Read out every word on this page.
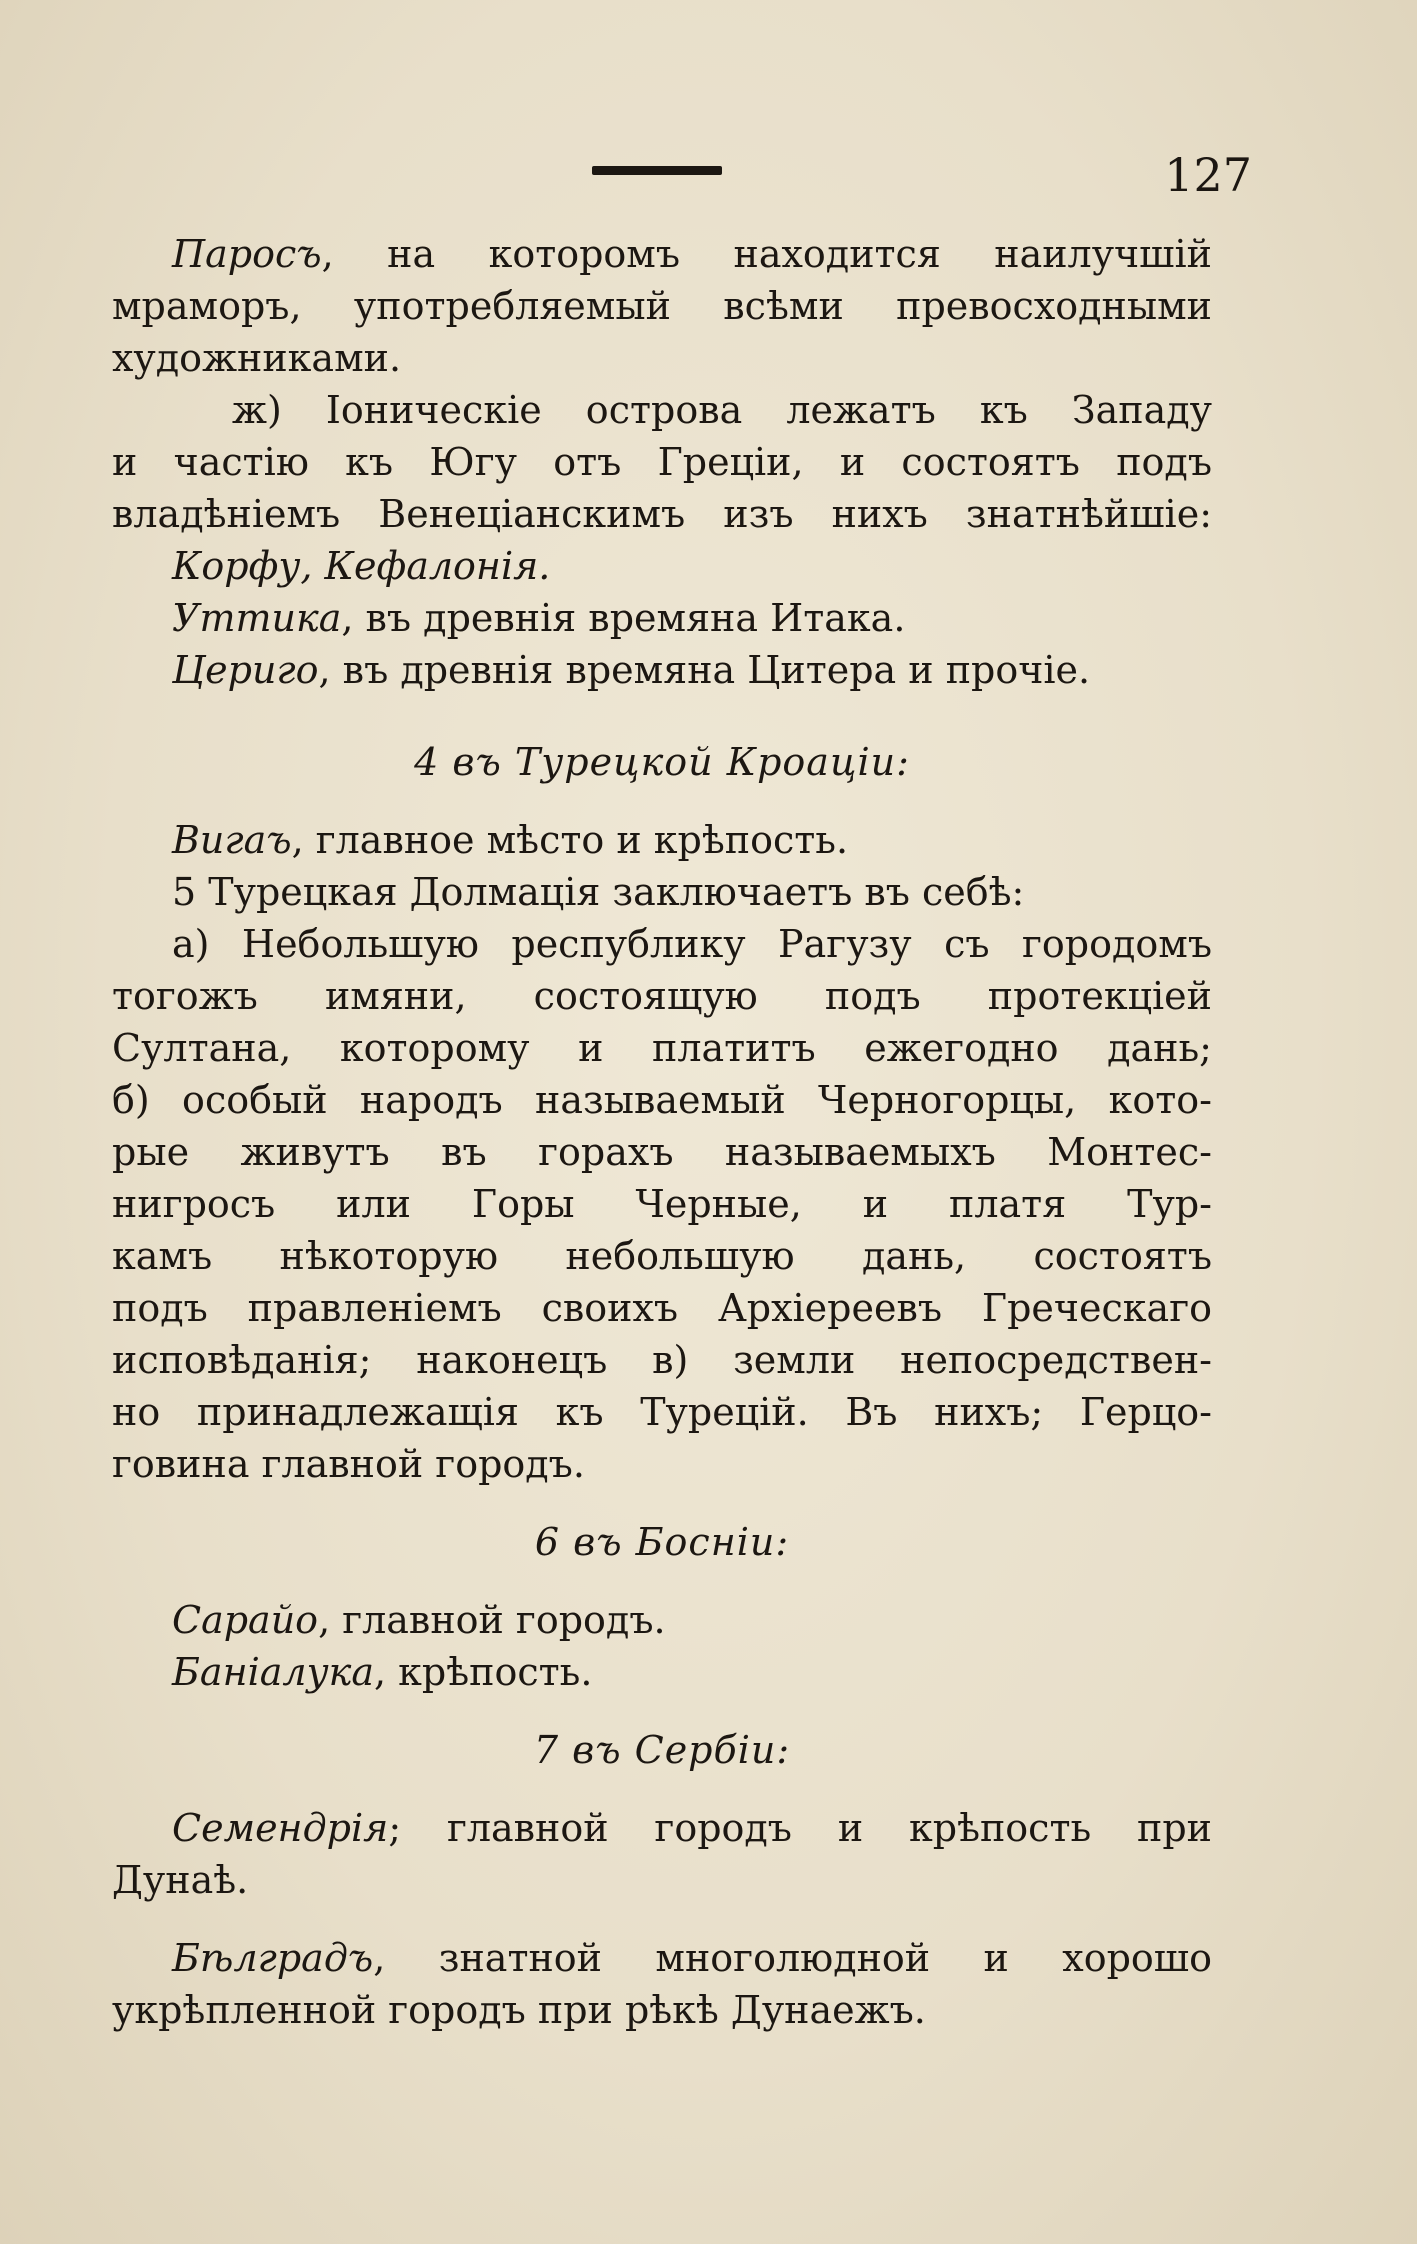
127
Паросъ, на которомъ находится наилучшій
мраморъ, употребляемый всѣми превосходными
художниками.
ж) Іоническіе острова лежатъ къ Западу
и частію къ Югу отъ Греціи, и состоятъ подъ
владѣніемъ Венеціанскимъ изъ нихъ знатнѣйшіе:
Корфу, Кефалонія.
Уттика, въ древнія времяна Итака.
Цериго, въ древнія времяна Цитера и прочіе.
4 въ Турецкой Кроаціи:
Вигаъ, главное мѣсто и крѣпость.
5 Турецкая Долмація заключаетъ въ себѣ:
а) Небольшую республику Рагузу съ городомъ
тогожъ имяни, состоящую подъ протекціей
Султана, которому и платитъ ежегодно дань;
б) особый народъ называемый Черногорцы, кото-
рые живутъ въ горахъ называемыхъ Монтес-
нигросъ или Горы Черные, и платя Тур-
камъ нѣкоторую небольшую дань, состоятъ
подъ правленіемъ своихъ Архіереевъ Греческаго
исповѣданія; наконецъ в) земли непосредствен-
но принадлежащія къ Турецій. Въ нихъ; Герцо-
говина главной городъ.
6 въ Босніи:
Сарайо, главной городъ.
Баніалука, крѣпость.
7 въ Сербіи:
Семендрія; главной городъ и крѣпость при
Дунаѣ.
Бѣлградъ, знатной многолюдной и хорошо
укрѣпленной городъ при рѣкѣ Дунаежъ.
